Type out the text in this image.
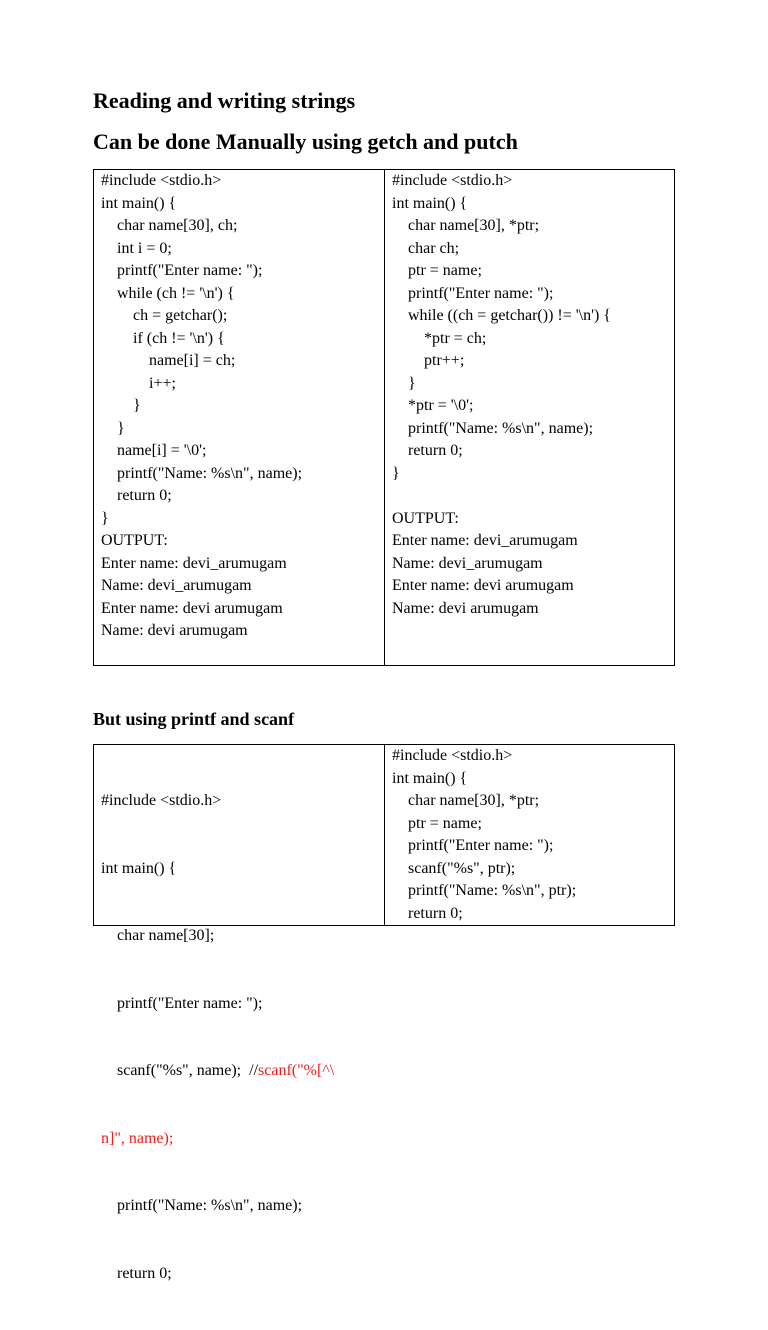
Reading and writing strings
Can be done Manually using getch and putch
#include <stdio.h>
int main() {
char name[30], ch;
int i = 0;
printf("Enter name: ");
while (ch != '\n') {
ch = getchar();
if (ch != '\n') {
name[i] = ch;
i++;
}
}
name[i] = '\0';
printf("Name: %s\n", name);
return 0;
}
OUTPUT:
Enter name: devi_arumugam
Name: devi_arumugam
Enter name: devi arumugam
Name: devi arumugam
#include <stdio.h>
int main() {
char name[30], *ptr;
char ch;
ptr = name;
printf("Enter name: ");
while ((ch = getchar()) != '\n') {
*ptr = ch;
ptr++;
}
*ptr = '\0';
printf("Name: %s\n", name);
return 0;
}
OUTPUT:
Enter name: devi_arumugam
Name: devi_arumugam
Enter name: devi arumugam
Name: devi arumugam
But using printf and scanf

#include <stdio.h>

int main() {

char name[30];

printf("Enter name: ");

scanf("%s", name);  //scanf("%[^\

n]", name);

printf("Name: %s\n", name);

return 0;

#include <stdio.h>
int main() {
char name[30], *ptr;
ptr = name;
printf("Enter name: ");
scanf("%s", ptr);
printf("Name: %s\n", ptr);
return 0;
